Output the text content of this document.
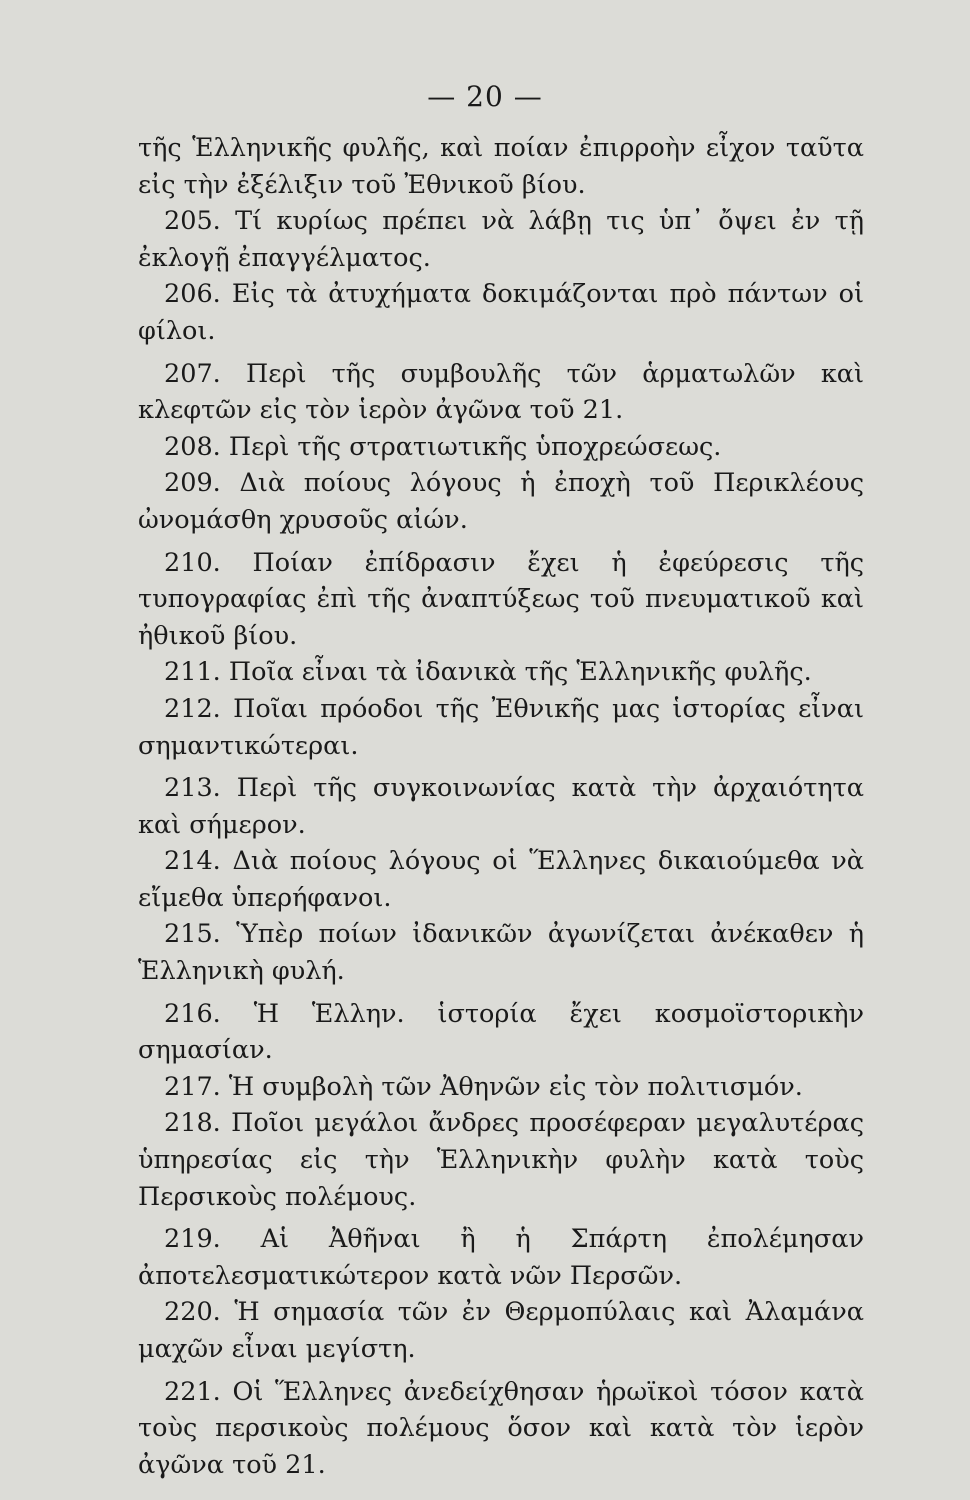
— 20 —

τῆς Ἑλληνικῆς φυλῆς, καὶ ποίαν ἐπιρροὴν εἶχον ταῦτα εἰς τὴν ἐξέλιξιν τοῦ Ἐθνικοῦ βίου.

205. Τί κυρίως πρέπει νὰ λάβῃ τις ὑπ᾿ ὄψει ἐν τῇ ἐκλογῇ ἐπαγγέλματος.

206. Εἰς τὰ ἀτυχήματα δοκιμάζονται πρὸ πάντων οἱ φίλοι.

207. Περὶ τῆς συμβουλῆς τῶν ἁρματωλῶν καὶ κλεφτῶν εἰς τὸν ἱερὸν ἀγῶνα τοῦ 21.

208. Περὶ τῆς στρατιωτικῆς ὑποχρεώσεως.

209. Διὰ ποίους λόγους ἡ ἐποχὴ τοῦ Περικλέους ὠνομάσθη χρυσοῦς αἰών.

210. Ποίαν ἐπίδρασιν ἔχει ἡ ἐφεύρεσις τῆς τυπογραφίας ἐπὶ τῆς ἀναπτύξεως τοῦ πνευματικοῦ καὶ ἠθικοῦ βίου.

211. Ποῖα εἶναι τὰ ἰδανικὰ τῆς Ἑλληνικῆς φυλῆς.

212. Ποῖαι πρόοδοι τῆς Ἐθνικῆς μας ἱστορίας εἶναι σημαντικώτεραι.

213. Περὶ τῆς συγκοινωνίας κατὰ τὴν ἀρχαιότητα καὶ σήμερον.

214. Διὰ ποίους λόγους οἱ Ἕλληνες δικαιούμεθα νὰ εἴμεθα ὑπερήφανοι.

215. Ὑπὲρ ποίων ἰδανικῶν ἀγωνίζεται ἀνέκαθεν ἡ Ἑλληνικὴ φυλή.

216. Ἡ Ἑλλην. ἱστορία ἔχει κοσμοϊστορικὴν σημασίαν.

217. Ἡ συμβολὴ τῶν Ἀθηνῶν εἰς τὸν πολιτισμόν.

218. Ποῖοι μεγάλοι ἄνδρες προσέφεραν μεγαλυτέρας ὑπηρεσίας εἰς τὴν Ἑλληνικὴν φυλὴν κατὰ τοὺς Περσικοὺς πολέμους.

219. Αἱ Ἀθῆναι ἢ ἡ Σπάρτη ἐπολέμησαν ἀποτελεσματικώτερον κατὰ νῶν Περσῶν.

220. Ἡ σημασία τῶν ἐν Θερμοπύλαις καὶ Ἀλαμάνα μαχῶν εἶναι μεγίστη.

221. Οἱ Ἕλληνες ἀνεδείχθησαν ἡρωϊκοὶ τόσον κατὰ τοὺς περσικοὺς πολέμους ὅσον καὶ κατὰ τὸν ἱερὸν ἀγῶνα τοῦ 21.
